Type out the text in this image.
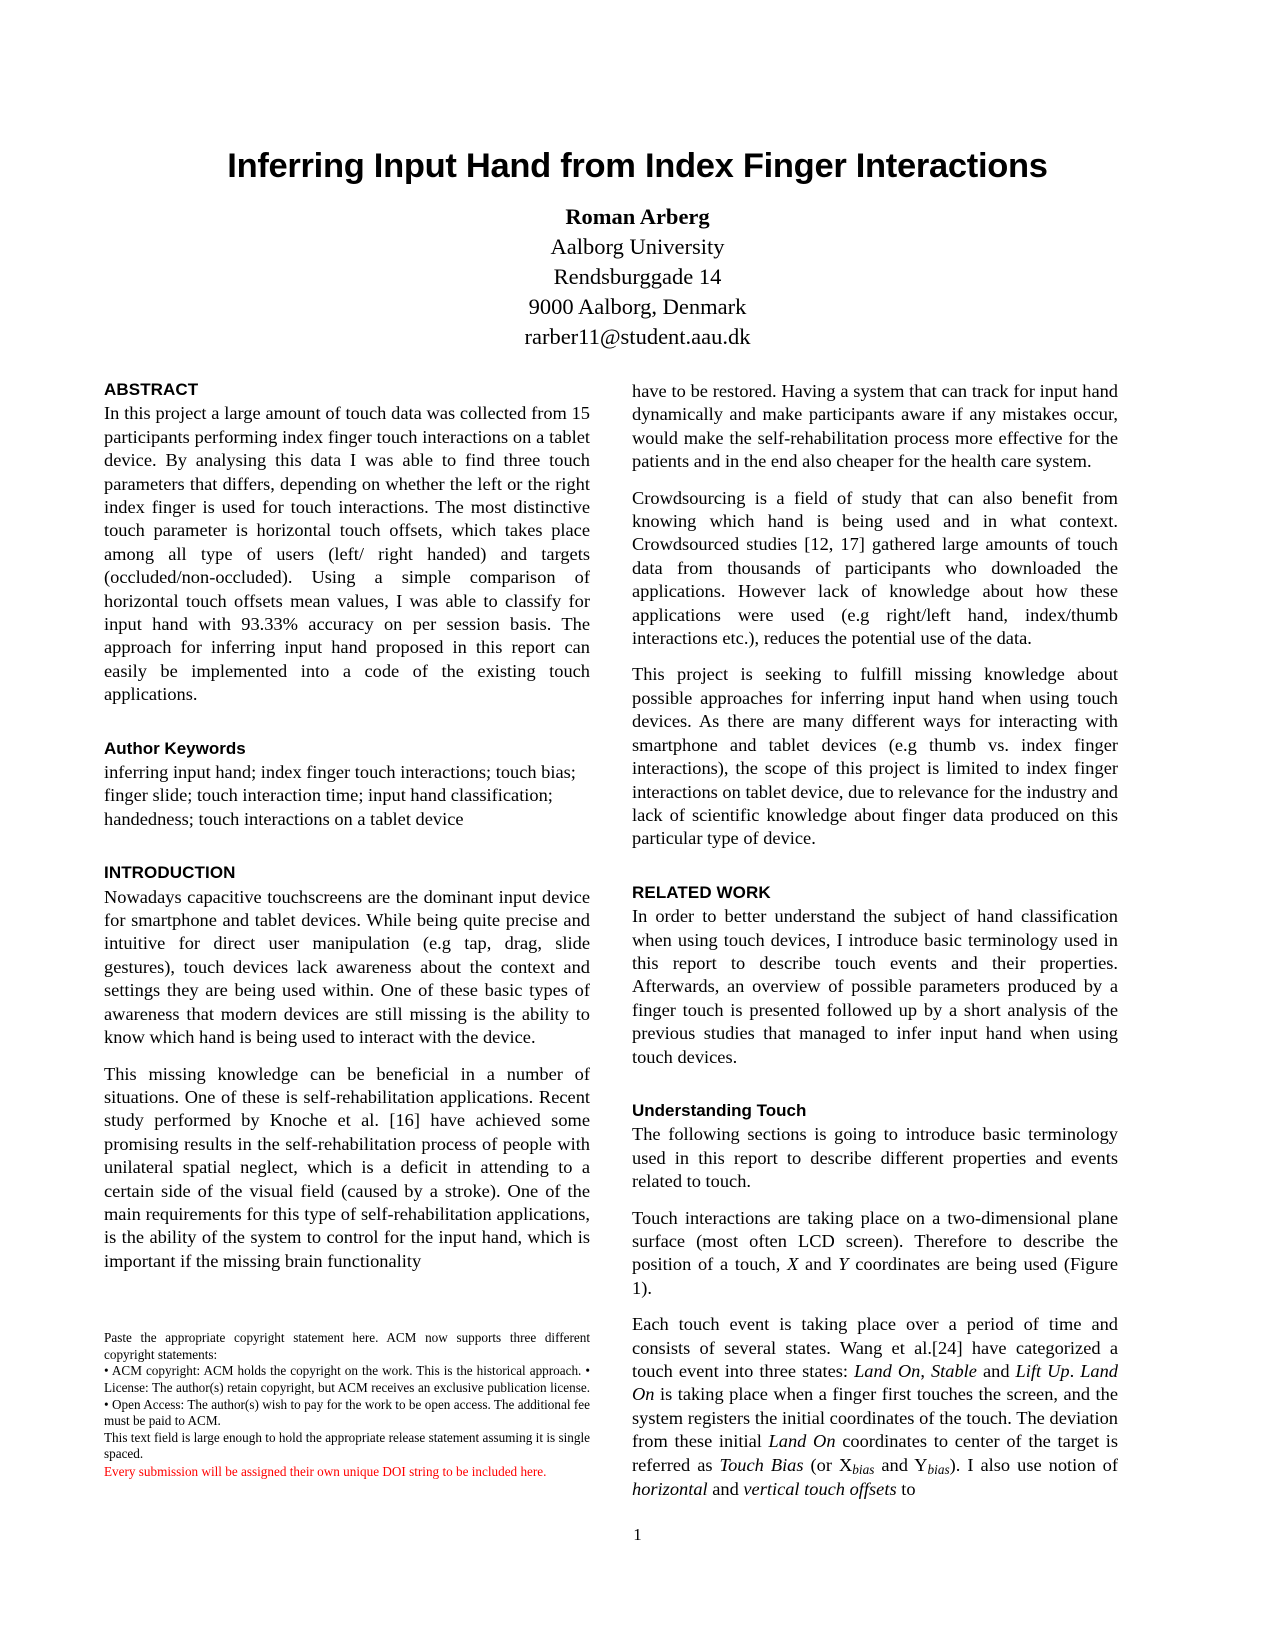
Inferring Input Hand from Index Finger Interactions
Roman Arberg
Aalborg University
Rendsburggade 14
9000 Aalborg, Denmark
rarber11@student.aau.dk
ABSTRACT

In this project a large amount of touch data was collected from 15 participants performing index finger touch interactions on a tablet device. By analysing this data I was able to find three touch parameters that differs, depending on whether the left or the right index finger is used for touch interactions. The most distinctive touch parameter is horizontal touch offsets, which takes place among all type of users (left/ right handed) and targets (occluded/non-occluded). Using a simple comparison of horizontal touch offsets mean values, I was able to classify for input hand with 93.33% accuracy on per session basis. The approach for inferring input hand proposed in this report can easily be implemented into a code of the existing touch applications.

Author Keywords

inferring input hand; index finger touch interactions; touch bias; finger slide; touch interaction time; input hand classification; handedness; touch interactions on a tablet device

INTRODUCTION

Nowadays capacitive touchscreens are the dominant input device for smartphone and tablet devices. While being quite precise and intuitive for direct user manipulation (e.g tap, drag, slide gestures), touch devices lack awareness about the context and settings they are being used within. One of these basic types of awareness that modern devices are still missing is the ability to know which hand is being used to interact with the device.

This missing knowledge can be beneficial in a number of situations. One of these is self-rehabilitation applications. Recent study performed by Knoche et al. [16] have achieved some promising results in the self-rehabilitation process of people with unilateral spatial neglect, which is a deficit in attending to a certain side of the visual field (caused by a stroke). One of the main requirements for this type of self-rehabilitation applications, is the ability of the system to control for the input hand, which is important if the missing brain functionality

have to be restored. Having a system that can track for input hand dynamically and make participants aware if any mistakes occur, would make the self-rehabilitation process more effective for the patients and in the end also cheaper for the health care system.

Crowdsourcing is a field of study that can also benefit from knowing which hand is being used and in what context. Crowdsourced studies [12, 17] gathered large amounts of touch data from thousands of participants who downloaded the applications. However lack of knowledge about how these applications were used (e.g right/left hand, index/thumb interactions etc.), reduces the potential use of the data.

This project is seeking to fulfill missing knowledge about possible approaches for inferring input hand when using touch devices. As there are many different ways for interacting with smartphone and tablet devices (e.g thumb vs. index finger interactions), the scope of this project is limited to index finger interactions on tablet device, due to relevance for the industry and lack of scientific knowledge about finger data produced on this particular type of device.

RELATED WORK

In order to better understand the subject of hand classification when using touch devices, I introduce basic terminology used in this report to describe touch events and their properties. Afterwards, an overview of possible parameters produced by a finger touch is presented followed up by a short analysis of the previous studies that managed to infer input hand when using touch devices.

Understanding Touch

The following sections is going to introduce basic terminology used in this report to describe different properties and events related to touch.

Touch interactions are taking place on a two-dimensional plane surface (most often LCD screen). Therefore to describe the position of a touch, X and Y coordinates are being used (Figure 1).

Each touch event is taking place over a period of time and consists of several states. Wang et al.[24] have categorized a touch event into three states: Land On, Stable and Lift Up. Land On is taking place when a finger first touches the screen, and the system registers the initial coordinates of the touch. The deviation from these initial Land On coordinates to center of the target is referred as Touch Bias (or $X_{bias}$ and $Y_{bias}$). I also use notion of horizontal and vertical touch offsets to

Paste the appropriate copyright statement here. ACM now supports three different copyright statements:

• ACM copyright: ACM holds the copyright on the work. This is the historical approach.

• License: The author(s) retain copyright, but ACM receives an exclusive publication license.

• Open Access: The author(s) wish to pay for the work to be open access. The additional fee must be paid to ACM.

This text field is large enough to hold the appropriate release statement assuming it is single spaced.

Every submission will be assigned their own unique DOI string to be included here.

1
